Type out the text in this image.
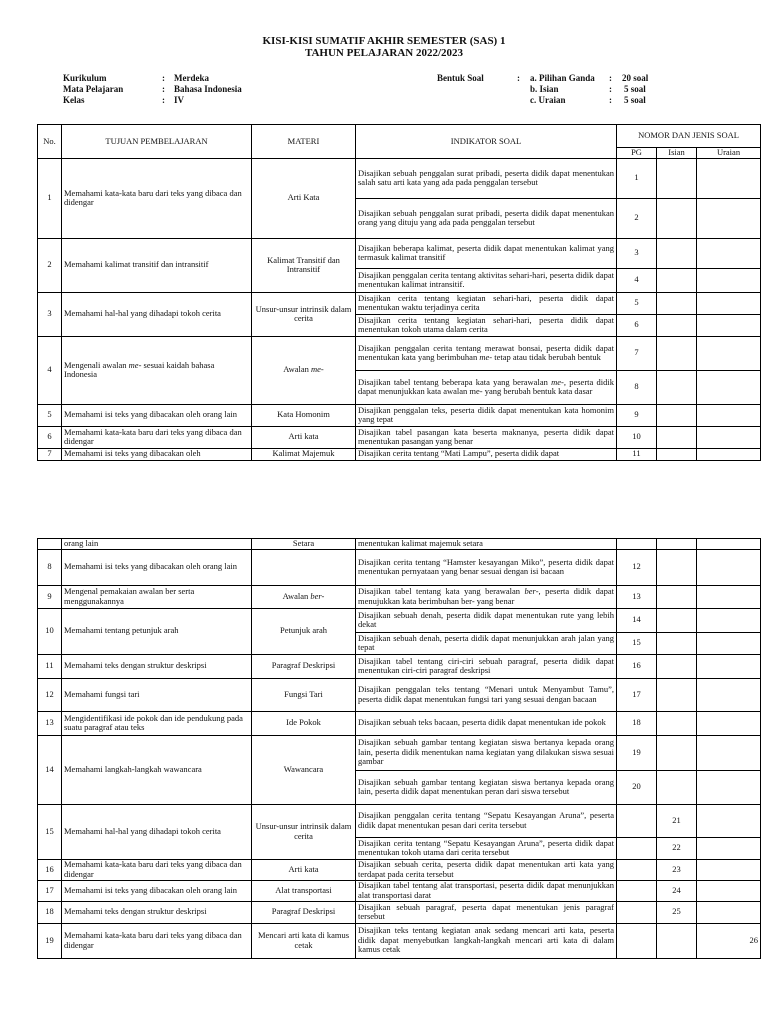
KISI-KISI SUMATIF AKHIR SEMESTER (SAS) 1
TAHUN PELAJARAN 2022/2023
Kurikulum	: Merdeka
Mata Pelajaran	: Bahasa Indonesia
Kelas	: IV
Bentuk Soal	: a. Pilihan Ganda : 20 soal
b. Isian	: 5 soal
c. Uraian	: 5 soal
No.	TUJUAN PEMBELAJARAN	MATERI	INDIKATOR SOAL	NOMOR DAN JENIS SOAL		
				PG	Isian	Uraian
1	Memahami kata-kata baru dari teks yang dibaca dan didengar	Arti Kata	Disajikan sebuah penggalan surat pribadi, peserta didik dapat menentukan salah satu arti kata yang ada pada penggalan tersebut	1		
			Disajikan sebuah penggalan surat pribadi, peserta didik dapat menentukan orang yang dituju yang ada pada penggalan tersebut	2		
2	Memahami kalimat transitif dan intransitif	Kalimat Transitif dan Intransitif	Disajikan beberapa kalimat, peserta didik dapat menentukan kalimat yang termasuk kalimat transitif	3		
			Disajikan penggalan cerita tentang aktivitas sehari-hari, peserta didik dapat menentukan kalimat intransitif.	4		
3	Memahami hal-hal yang dihadapi tokoh cerita	Unsur-unsur intrinsik dalam cerita	Disajikan cerita tentang kegiatan sehari-hari, peserta didik dapat menentukan waktu terjadinya cerita	5		
			Disajikan cerita tentang kegiatan sehari-hari, peserta didik dapat menentukan tokoh utama dalam cerita	6		
4	Mengenali awalan me- sesuai kaidah bahasa Indonesia	Awalan me-	Disajikan penggalan cerita tentang merawat bonsai, peserta didik dapat menentukan kata yang berimbuhan me- tetap atau tidak berubah bentuk	7		
			Disajikan tabel tentang beberapa kata yang berawalan me-, peserta didik dapat menunjukkan kata awalan me- yang berubah bentuk kata dasar	8		
5	Memahami isi teks yang dibacakan oleh orang lain	Kata Homonim	Disajikan penggalan teks, peserta didik dapat menentukan kata homonim yang tepat	9		
6	Memahami kata-kata baru dari teks yang dibaca dan didengar	Arti kata	Disajikan tabel pasangan kata beserta maknanya, peserta didik dapat menentukan pasangan yang benar	10		
7	Memahami isi teks yang dibacakan oleh	Kalimat Majemuk	Disajikan cerita tentang “Mati Lampu”, peserta didik dapat	11		
	orang lain	Setara	menentukan kalimat majemuk setara			
8	Memahami isi teks yang dibacakan oleh orang lain		Disajikan cerita tentang “Hamster kesayangan Miko”, peserta didik dapat menentukan pernyataan yang benar sesuai dengan isi bacaan	12		
9	Mengenal pemakaian awalan ber serta menggunakannya	Awalan ber-	Disajikan tabel tentang kata yang berawalan ber-, peserta didik dapat menujukkan kata berimbuhan ber- yang benar	13		
10	Memahami tentang petunjuk arah	Petunjuk arah	Disajikan sebuah denah, peserta didik dapat menentukan rute yang lebih dekat	14		
			Disajikan sebuah denah, peserta didik dapat menunjukkan arah jalan yang tepat	15		
11	Memahami teks dengan struktur deskripsi	Paragraf Deskripsi	Disajikan tabel tentang ciri-ciri sebuah paragraf, peserta didik dapat menentukan ciri-ciri paragraf deskripsi	16		
12	Memahami fungsi tari	Fungsi Tari	Disajikan penggalan teks tentang “Menari untuk Menyambut Tamu”, peserta didik dapat menentukan fungsi tari yang sesuai dengan bacaan	17		
13	Mengidentifikasi ide pokok dan ide pendukung pada suatu paragraf atau teks	Ide Pokok	Disajikan sebuah teks bacaan, peserta didik dapat menentukan ide pokok	18		
14	Memahami langkah-langkah wawancara	Wawancara	Disajikan sebuah gambar tentang kegiatan siswa bertanya kepada orang lain, peserta didik menentukan nama kegiatan yang dilakukan siswa sesuai gambar	19		
			Disajikan sebuah gambar tentang kegiatan siswa bertanya kepada orang lain, peserta didik dapat menentukan peran dari siswa tersebut	20		
15	Memahami hal-hal yang dihadapi tokoh cerita	Unsur-unsur intrinsik dalam cerita	Disajikan penggalan cerita tentang “Sepatu Kesayangan Aruna”, peserta didik dapat menentukan pesan dari cerita tersebut		21	
			Disajikan cerita tentang “Sepatu Kesayangan Aruna”, peserta didik dapat menentukan tokoh utama dari cerita tersebut		22	
16	Memahami kata-kata baru dari teks yang dibaca dan didengar	Arti kata	Disajikan sebuah cerita, peserta didik dapat menentukan arti kata yang terdapat pada cerita tersebut		23	
17	Memahami isi teks yang dibacakan oleh orang lain	Alat transportasi	Disajikan tabel tentang alat transportasi, peserta didik dapat menunjukkan alat transportasi darat		24	
18	Memahami teks dengan struktur deskripsi	Paragraf Deskripsi	Disajikan sebuah paragraf, peserta dapat menentukan jenis paragraf tersebut		25	
19	Memahami kata-kata baru dari teks yang dibaca dan didengar	Mencari arti kata di kamus cetak	Disajikan teks tentang kegiatan anak sedang mencari arti kata, peserta didik dapat menyebutkan langkah-langkah mencari arti kata di dalam kamus cetak			26
